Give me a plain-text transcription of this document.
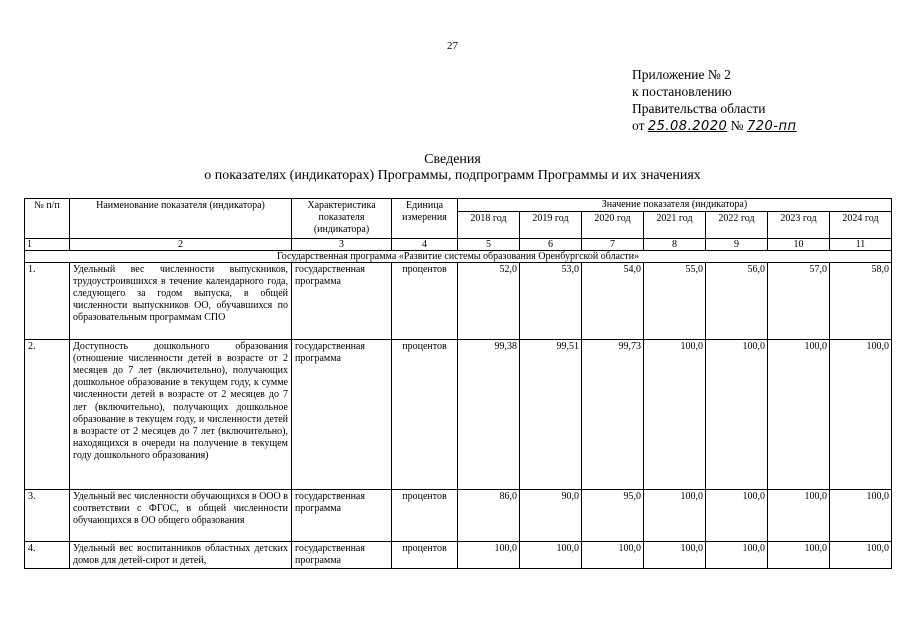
27
Приложение № 2
к постановлению
Правительства области
от 25.08.2020 № 720-пп
Сведения
о показателях (индикаторах) Программы, подпрограмм Программы и их значениях
№ п/п	Наименование показателя (индикатора)	Характеристика показателя (индикатора)	Единица измерения	Значение показателя (индикатора)						
				2018 год	2019 год	2020 год	2021 год	2022 год	2023 год	2024 год
1	2	3	4	5	6	7	8	9	10	11
Государственная программа «Развитие системы образования Оренбургской области»										
1.	Удельный вес численности выпускников, трудоустроившихся в течение календарного года, следующего за годом выпуска, в общей численности выпускников ОО, обучавшихся по образовательным программам СПО	государственная программа	процентов	52,0	53,0	54,0	55,0	56,0	57,0	58,0
2.	Доступность дошкольного образования (отношение численности детей в возрасте от 2 месяцев до 7 лет (включительно), получающих дошкольное образование в текущем году, к сумме численности детей в возрасте от 2 месяцев до 7 лет (включительно), получающих дошкольное образование в текущем году, и численности детей в возрасте от 2 месяцев до 7 лет (включительно), находящихся в очереди на получение в текущем году дошкольного образования)	государственная программа	процентов	99,38	99,51	99,73	100,0	100,0	100,0	100,0
3.	Удельный вес численности обучающихся в ООО в соответствии с ФГОС, в общей численности обучающихся в ОО общего образования	государственная программа	процентов	86,0	90,0	95,0	100,0	100,0	100,0	100,0
4.	Удельный вес воспитанников областных детских домов для детей-сирот и детей,	государственная программа	процентов	100,0	100,0	100,0	100,0	100,0	100,0	100,0
